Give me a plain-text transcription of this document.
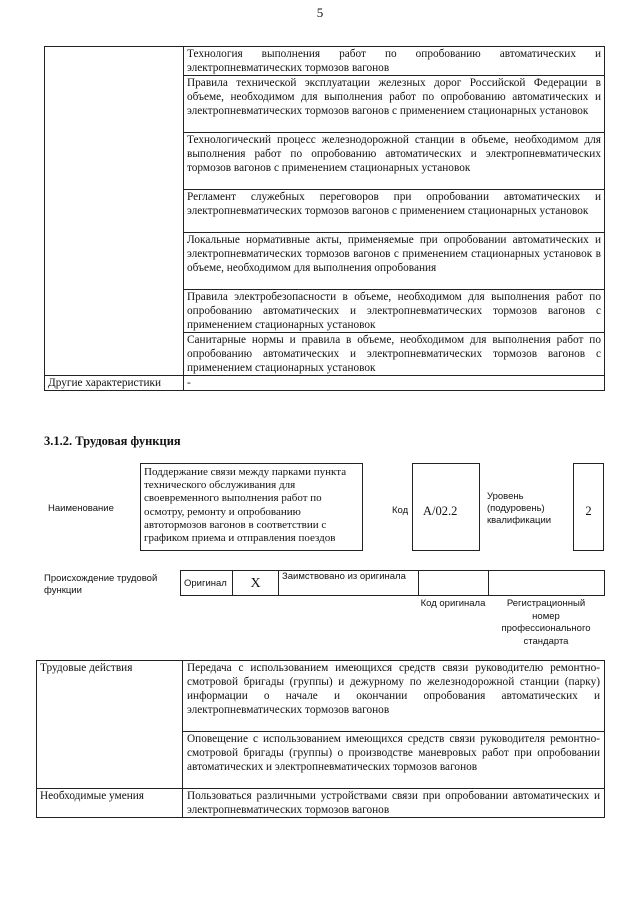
5
	Технология выполнения работ по опробованию автоматических и электропневматических тормозов вагонов
	Правила технической эксплуатации железных дорог Российской Федерации в объеме, необходимом для выполнения работ по опробованию автоматических и электропневматических тормозов вагонов с применением стационарных установок
	Технологический процесс железнодорожной станции в объеме, необходимом для выполнения работ по опробованию автоматических и электропневматических тормозов вагонов с применением стационарных установок
	Регламент служебных переговоров при опробовании автоматических и электропневматических тормозов вагонов с применением стационарных установок
	Локальные нормативные акты, применяемые при опробовании автоматических и электропневматических тормозов вагонов с применением стационарных установок в объеме, необходимом для выполнения опробования
	Правила электробезопасности в объеме, необходимом для выполнения работ по опробованию автоматических и электропневматических тормозов вагонов с применением стационарных установок
	Санитарные нормы и правила в объеме, необходимом для выполнения работ по опробованию автоматических и электропневматических тормозов вагонов с применением стационарных установок
Другие характеристики	-
3.1.2. Трудовая функция
Наименование
Поддержание связи между парками пункта технического обслуживания для своевременного выполнения работ по осмотру, ремонту и опробованию автотормозов вагонов в соответствии с графиком приема и отправления поездов
Код	А/02.2
Уровень (подуровень) квалификации
2
Происхождение трудовой функции
Оригинал	X	Заимствовано из оригинала		
Код оригинала	Регистрационный номер профессионального стандарта
Трудовые действия	Передача с использованием имеющихся средств связи руководителю ремонтно-смотровой бригады (группы) и дежурному по железнодорожной станции (парку) информации о начале и окончании опробования автоматических и электропневматических тормозов вагонов
	Оповещение с использованием имеющихся средств связи руководителя ремонтно-смотровой бригады (группы) о производстве маневровых работ при опробовании автоматических и электропневматических тормозов вагонов
Необходимые умения	Пользоваться различными устройствами связи при опробовании автоматических и электропневматических тормозов вагонов
